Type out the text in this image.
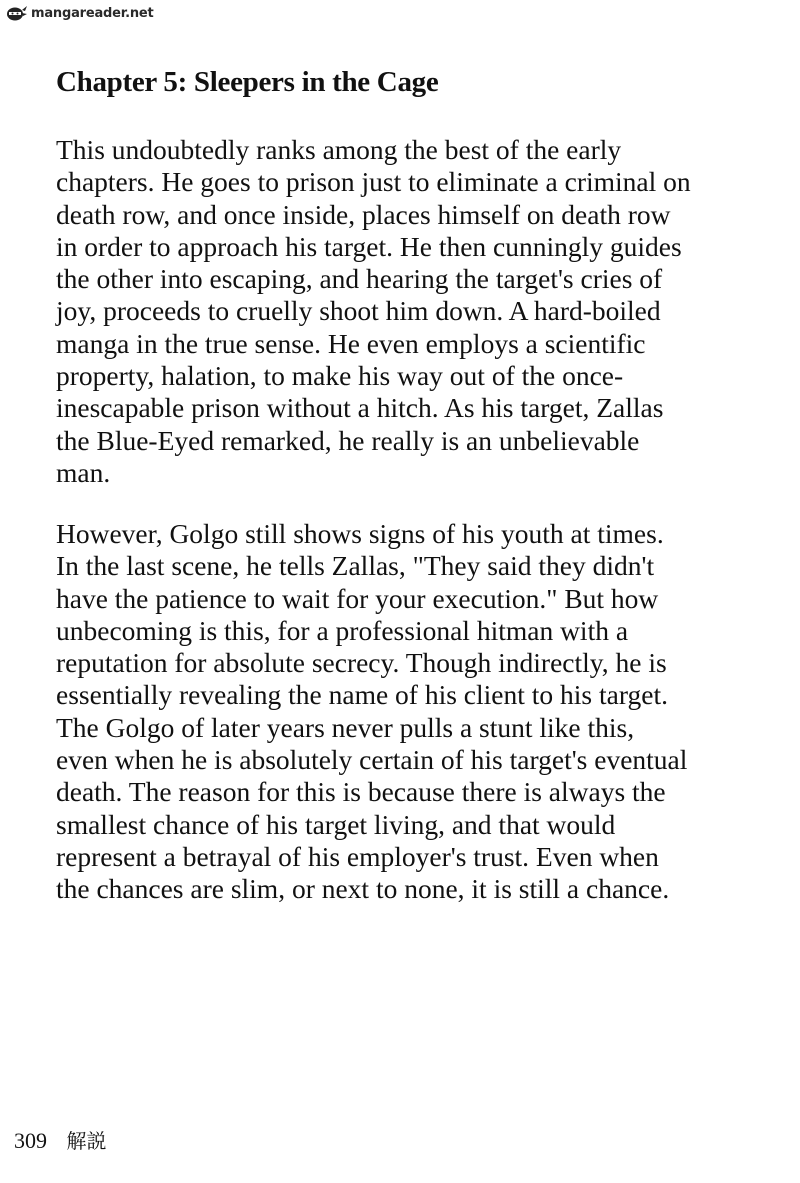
mangareader.net
Chapter 5: Sleepers in the Cage

This undoubtedly ranks among the best of the early
chapters. He goes to prison just to eliminate a criminal on
death row, and once inside, places himself on death row
in order to approach his target. He then cunningly guides
the other into escaping, and hearing the target's cries of
joy, proceeds to cruelly shoot him down. A hard-boiled
manga in the true sense. He even employs a scientific
property, halation, to make his way out of the once-
inescapable prison without a hitch. As his target, Zallas
the Blue-Eyed remarked, he really is an unbelievable
man.

However, Golgo still shows signs of his youth at times.
In the last scene, he tells Zallas, "They said they didn't
have the patience to wait for your execution." But how
unbecoming is this, for a professional hitman with a
reputation for absolute secrecy. Though indirectly, he is
essentially revealing the name of his client to his target.
The Golgo of later years never pulls a stunt like this,
even when he is absolutely certain of his target's eventual
death. The reason for this is because there is always the
smallest chance of his target living, and that would
represent a betrayal of his employer's trust. Even when
the chances are slim, or next to none, it is still a chance.

309 解説
